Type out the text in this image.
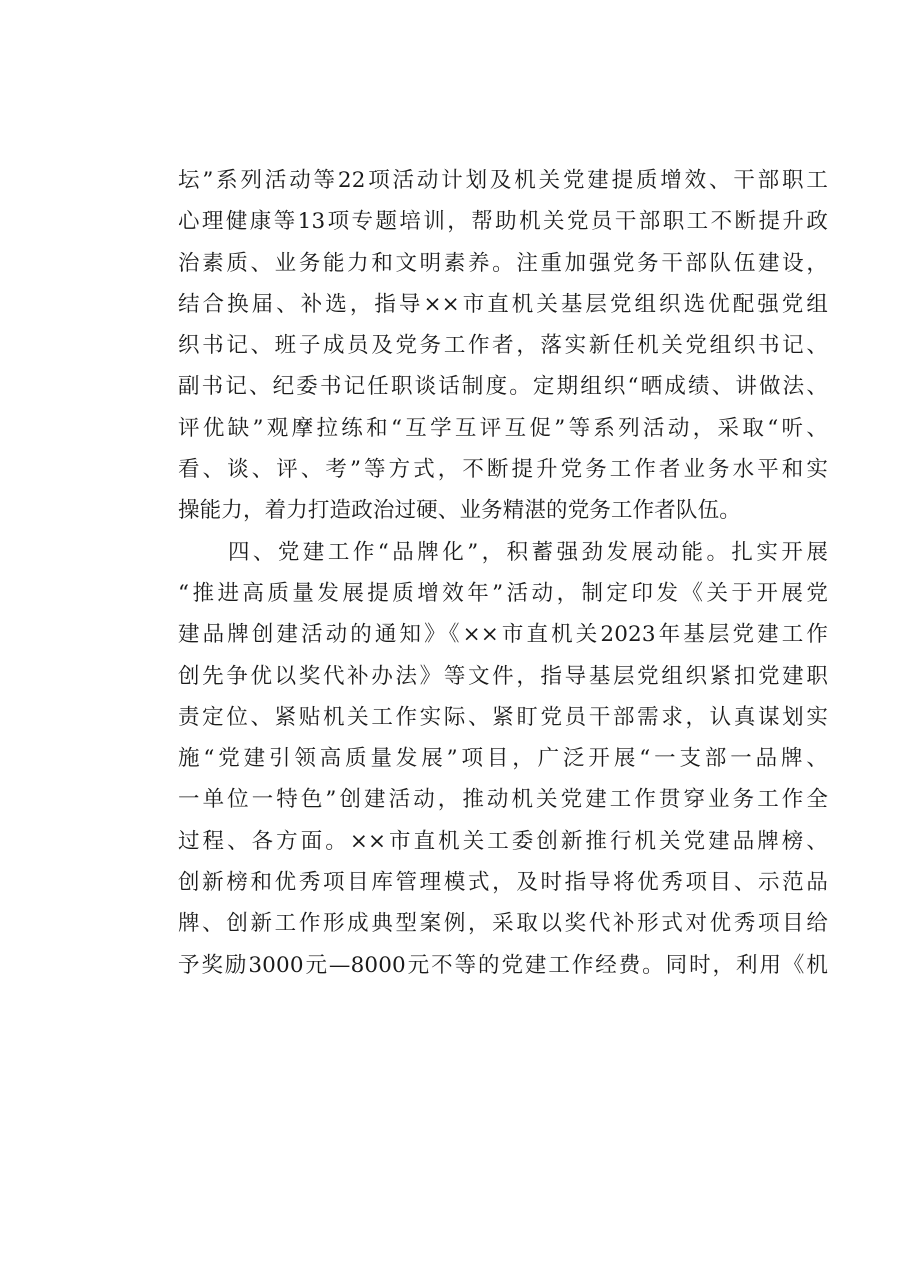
坛”系列活动等22项活动计划及机关党建提质增效、干部职工
心理健康等13项专题培训，帮助机关党员干部职工不断提升政
治素质、业务能力和文明素养。注重加强党务干部队伍建设，
结合换届、补选，指导××市直机关基层党组织选优配强党组
织书记、班子成员及党务工作者，落实新任机关党组织书记、
副书记、纪委书记任职谈话制度。定期组织“晒成绩、讲做法、
评优缺”观摩拉练和“互学互评互促”等系列活动，采取“听、
看、谈、评、考”等方式，不断提升党务工作者业务水平和实
操能力，着力打造政治过硬、业务精湛的党务工作者队伍。
　　四、党建工作“品牌化”，积蓄强劲发展动能。扎实开展
“推进高质量发展提质增效年”活动，制定印发《关于开展党
建品牌创建活动的通知》《××市直机关2023年基层党建工作
创先争优以奖代补办法》等文件，指导基层党组织紧扣党建职
责定位、紧贴机关工作实际、紧盯党员干部需求，认真谋划实
施“党建引领高质量发展”项目，广泛开展“一支部一品牌、
一单位一特色”创建活动，推动机关党建工作贯穿业务工作全
过程、各方面。××市直机关工委创新推行机关党建品牌榜、
创新榜和优秀项目库管理模式，及时指导将优秀项目、示范品
牌、创新工作形成典型案例，采取以奖代补形式对优秀项目给
予奖励3000元—8000元不等的党建工作经费。同时，利用《机
